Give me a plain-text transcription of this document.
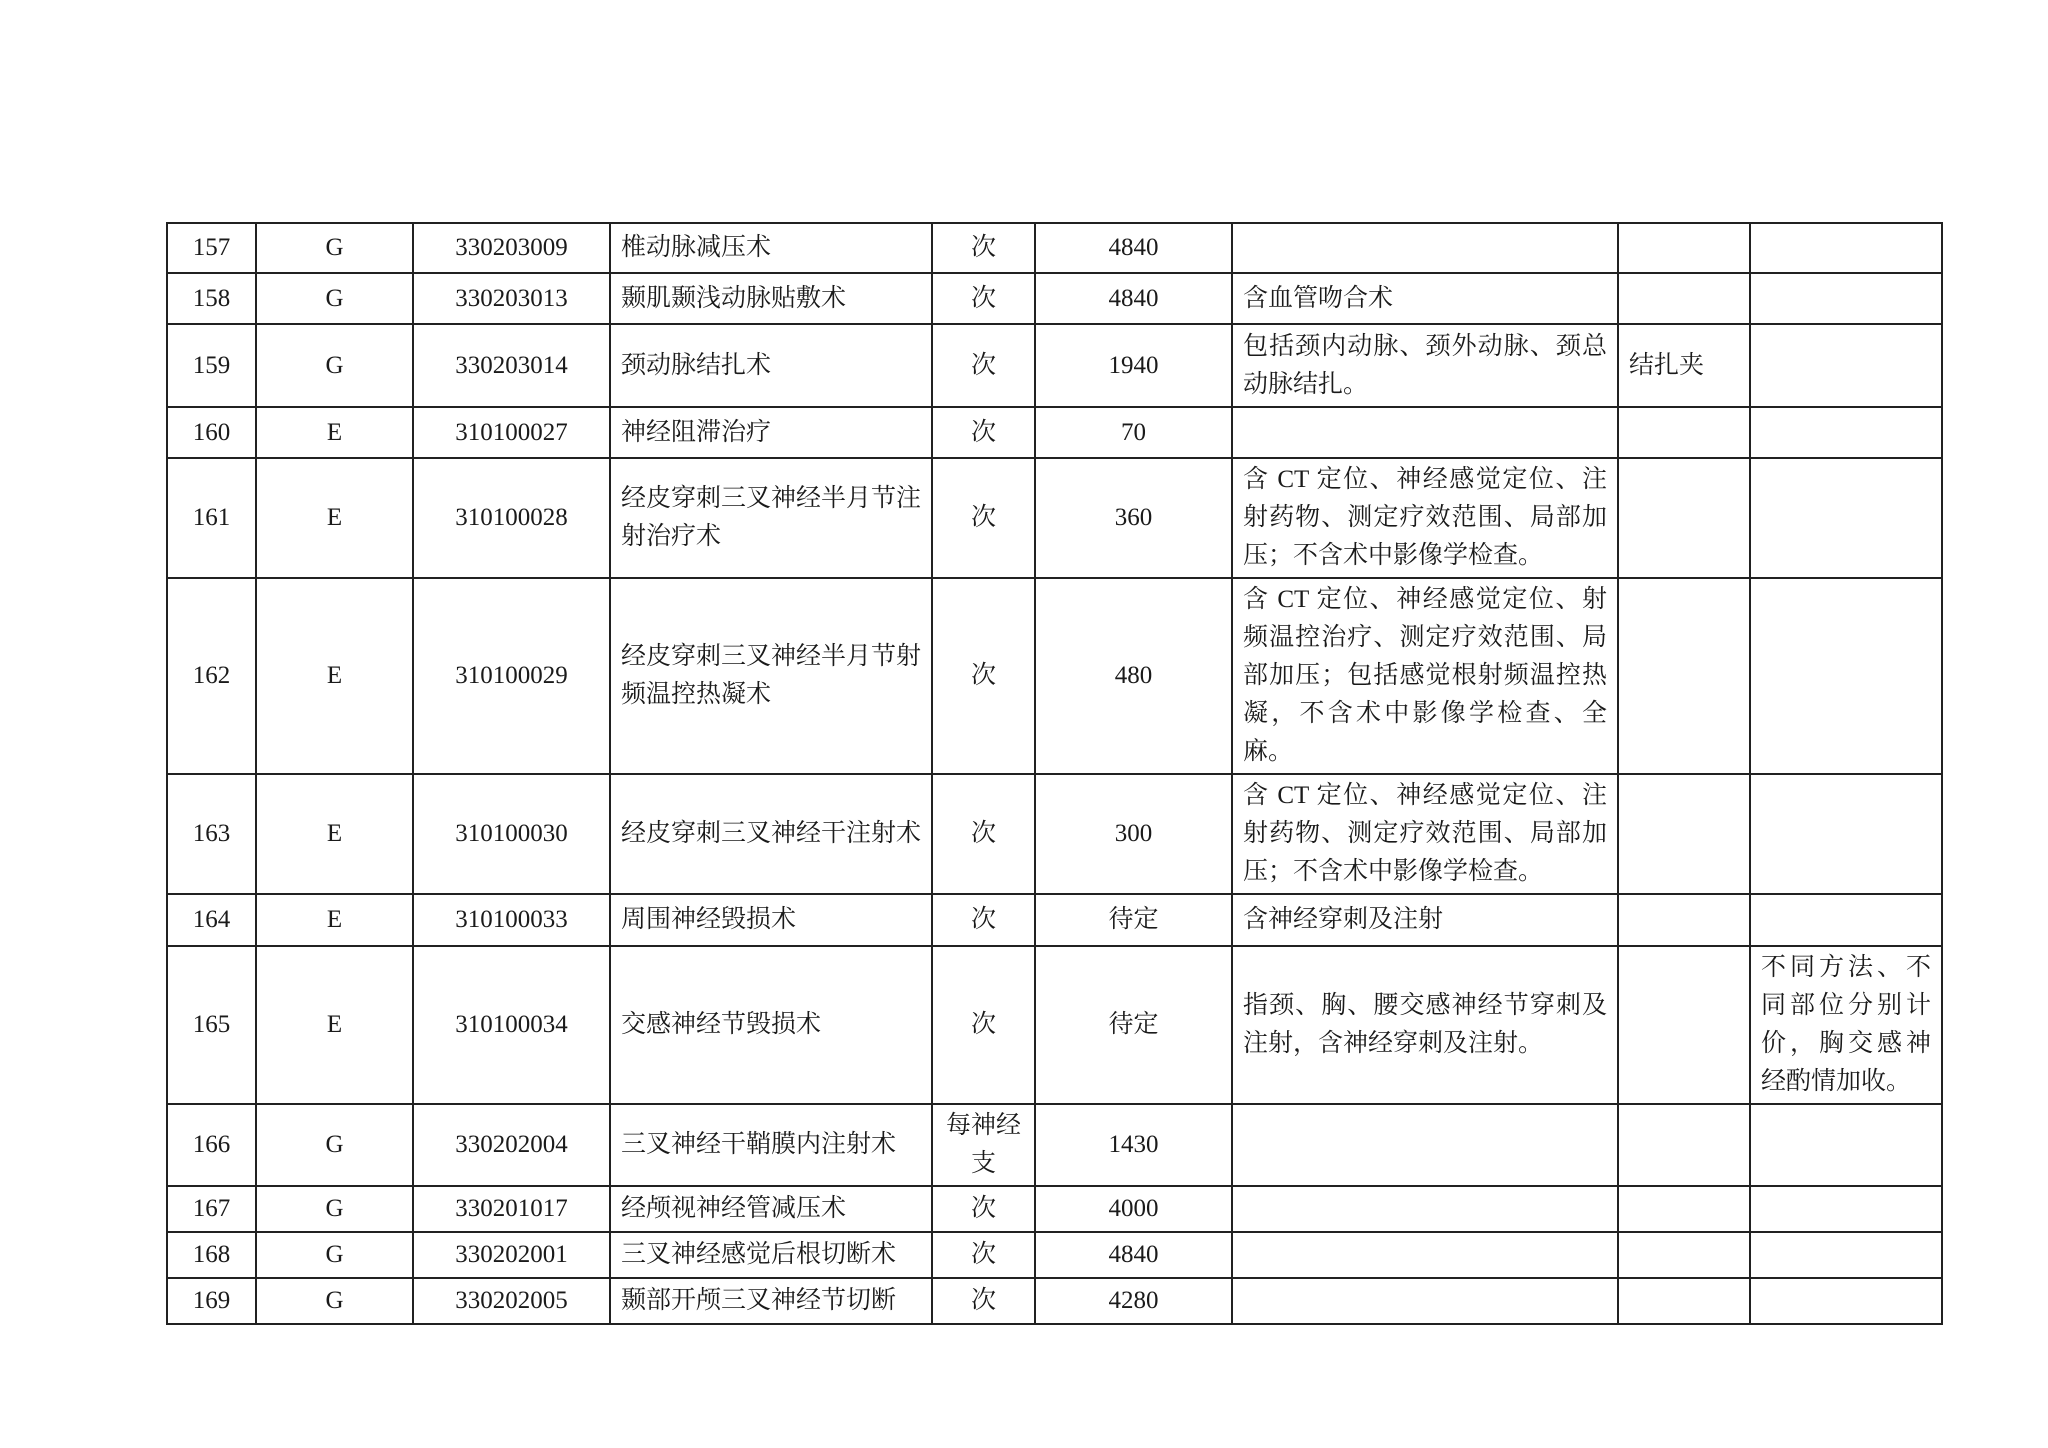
157	G	330203009	椎动脉减压术	次	4840			
158	G	330203013	颞肌颞浅动脉贴敷术	次	4840	含血管吻合术		
159	G	330203014	颈动脉结扎术	次	1940	包括颈内动脉、颈外动脉、颈总动脉结扎。	结扎夹	
160	E	310100027	神经阻滞治疗	次	70			
161	E	310100028	经皮穿刺三叉神经半月节注射治疗术	次	360	含 CT 定位、神经感觉定位、注射药物、测定疗效范围、局部加压；不含术中影像学检查。		
162	E	310100029	经皮穿刺三叉神经半月节射频温控热凝术	次	480	含 CT 定位、神经感觉定位、射频温控治疗、测定疗效范围、局部加压；包括感觉根射频温控热凝，不含术中影像学检查、全麻。		
163	E	310100030	经皮穿刺三叉神经干注射术	次	300	含 CT 定位、神经感觉定位、注射药物、测定疗效范围、局部加压；不含术中影像学检查。		
164	E	310100033	周围神经毁损术	次	待定	含神经穿刺及注射		
165	E	310100034	交感神经节毁损术	次	待定	指颈、胸、腰交感神经节穿刺及注射，含神经穿刺及注射。		不同方法、不同部位分别计价，胸交感神经酌情加收。
166	G	330202004	三叉神经干鞘膜内注射术	每神经支	1430			
167	G	330201017	经颅视神经管减压术	次	4000			
168	G	330202001	三叉神经感觉后根切断术	次	4840			
169	G	330202005	颞部开颅三叉神经节切断	次	4280			
